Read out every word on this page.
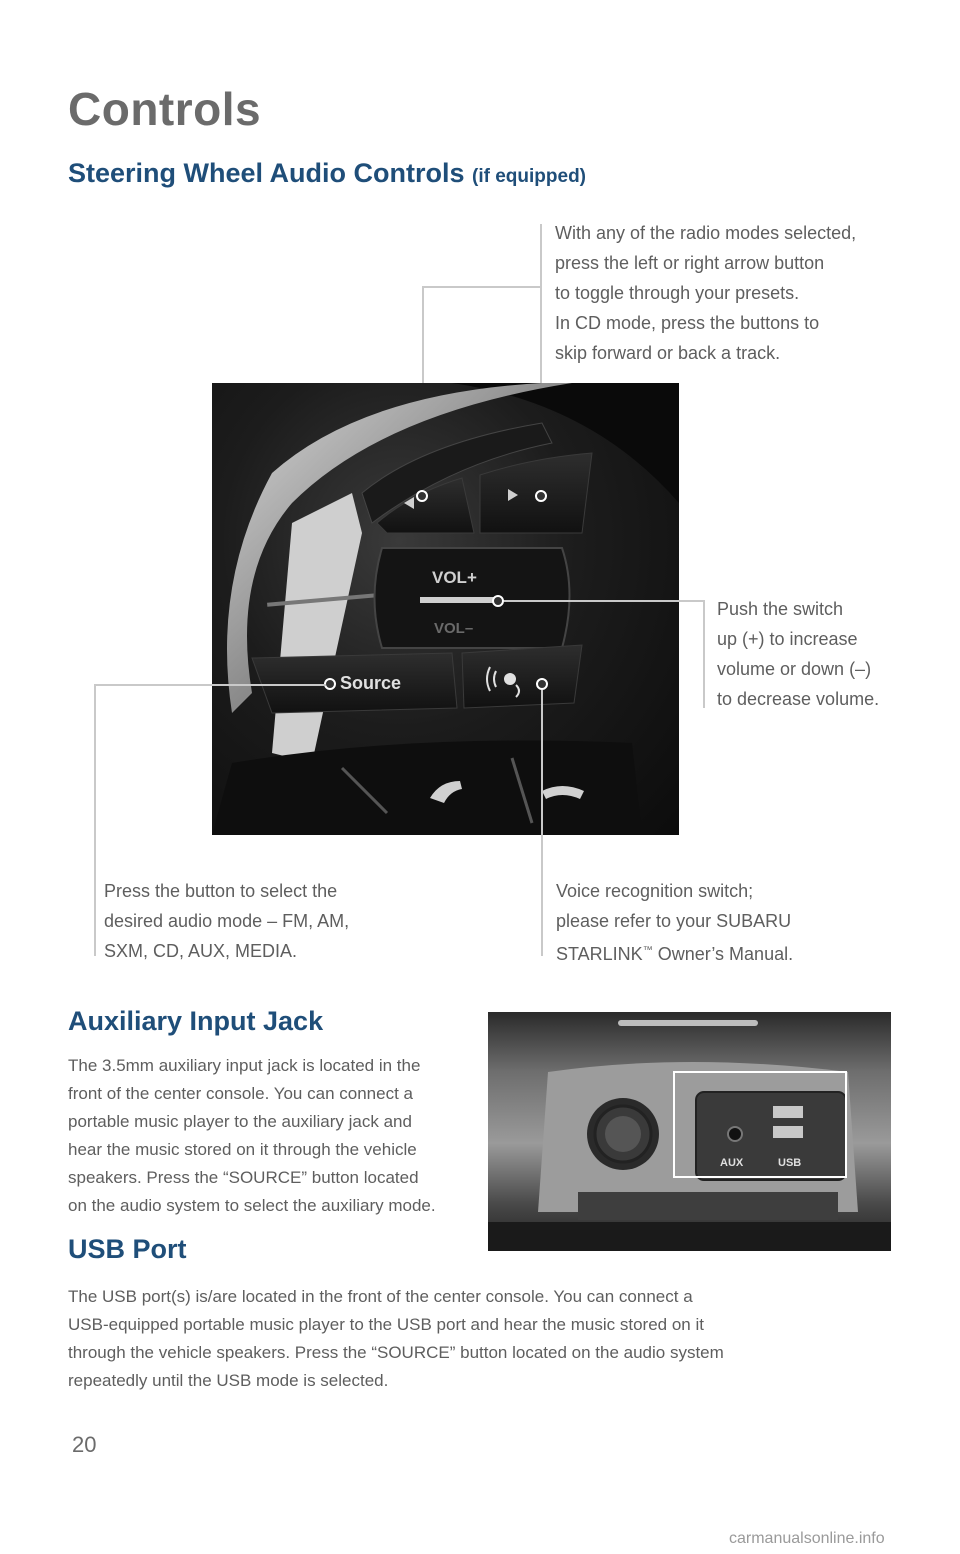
Controls
Steering Wheel Audio Controls (if equipped)
With any of the radio modes selected,
press the left or right arrow button
to toggle through your presets.
In CD mode, press the buttons to
skip forward or back a track.
VOL+
VOL–
Source
Push the switch
up (+) to increase
volume or down (–)
to decrease volume.
Press the button to select the
desired audio mode – FM, AM,
SXM, CD, AUX, MEDIA.
Voice recognition switch;
please refer to your SUBARU
STARLINK™ Owner’s Manual.
Auxiliary Input Jack
The 3.5mm auxiliary input jack is located in the
front of the center console. You can connect a
portable music player to the auxiliary jack and
hear the music stored on it through the vehicle
speakers. Press the “SOURCE” button located
on the audio system to select the auxiliary mode.
AUX	USB
USB Port
The USB port(s) is/are located in the front of the center console. You can connect a
USB-equipped portable music player to the USB port and hear the music stored on it
through the vehicle speakers. Press the “SOURCE” button located on the audio system
repeatedly until the USB mode is selected.
20
carmanualsonline.info
